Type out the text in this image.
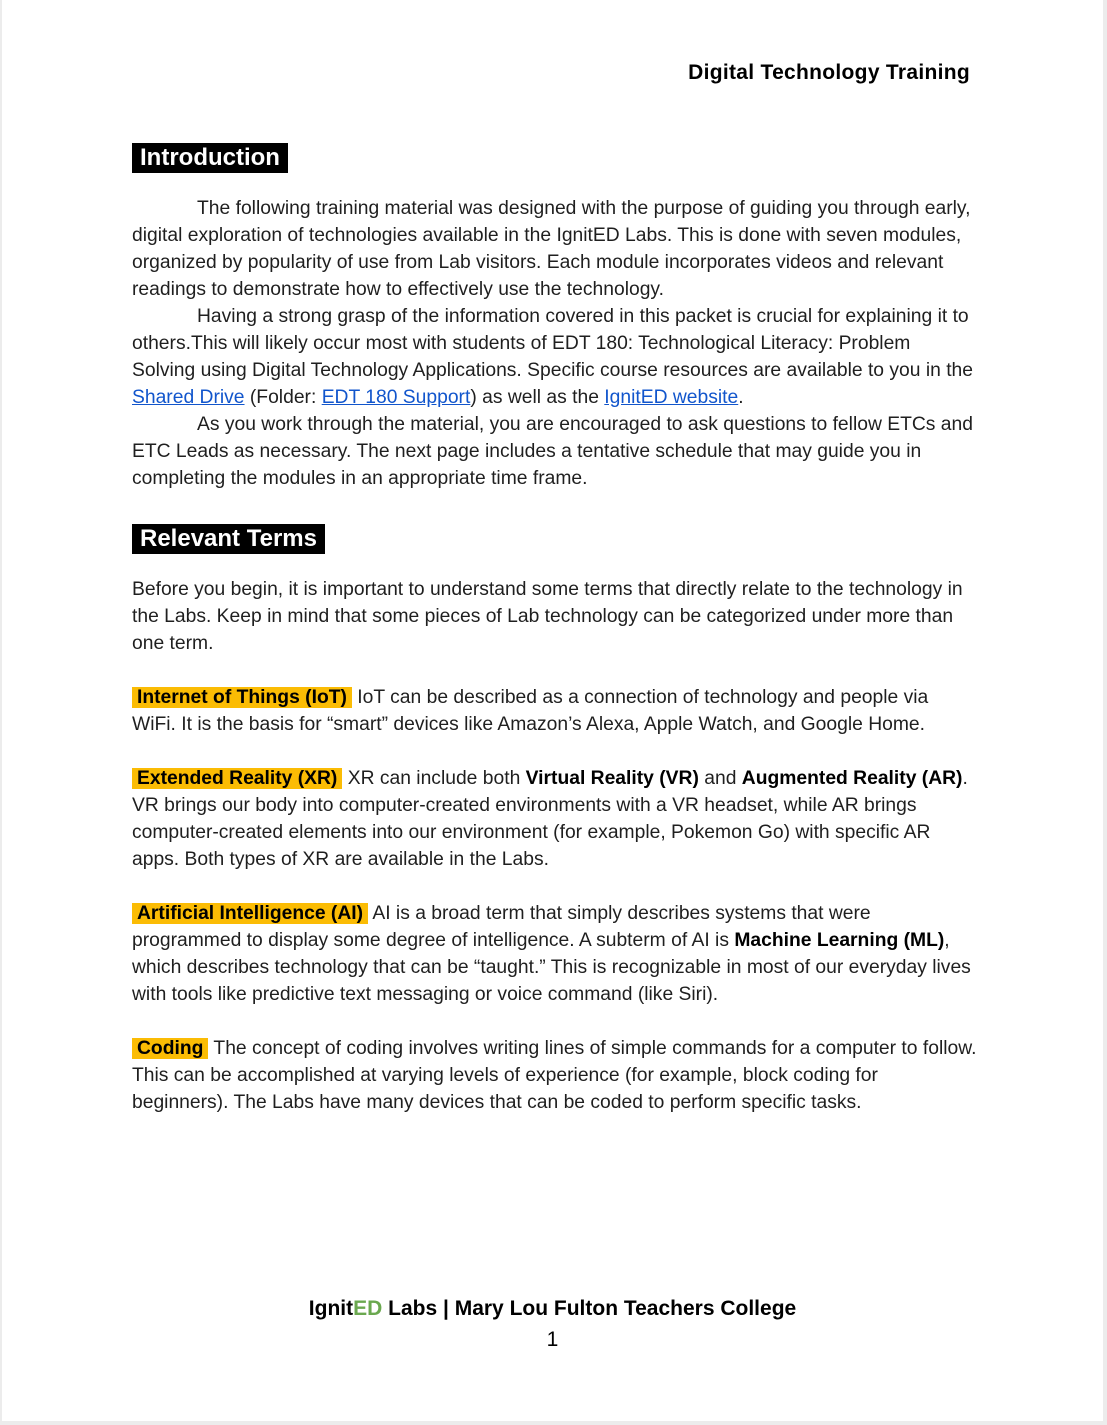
Digital Technology Training
Introduction

The following training material was designed with the purpose of guiding you through early, digital exploration of technologies available in the IgnitED Labs. This is done with seven modules, organized by popularity of use from Lab visitors. Each module incorporates videos and relevant readings to demonstrate how to effectively use the technology.

Having a strong grasp of the information covered in this packet is crucial for explaining it to others.This will likely occur most with students of EDT 180: Technological Literacy: Problem Solving using Digital Technology Applications. Specific course resources are available to you in the Shared Drive (Folder: EDT 180 Support) as well as the IgnitED website.

As you work through the material, you are encouraged to ask questions to fellow ETCs and ETC Leads as necessary. The next page includes a tentative schedule that may guide you in completing the modules in an appropriate time frame.

Relevant Terms

Before you begin, it is important to understand some terms that directly relate to the technology in the Labs. Keep in mind that some pieces of Lab technology can be categorized under more than one term.

Internet of Things (IoT) IoT can be described as a connection of technology and people via WiFi. It is the basis for “smart” devices like Amazon’s Alexa, Apple Watch, and Google Home.

Extended Reality (XR) XR can include both Virtual Reality (VR) and Augmented Reality (AR). VR brings our body into computer-created environments with a VR headset, while AR brings computer-created elements into our environment (for example, Pokemon Go) with specific AR apps. Both types of XR are available in the Labs.

Artificial Intelligence (AI) AI is a broad term that simply describes systems that were programmed to display some degree of intelligence. A subterm of AI is Machine Learning (ML), which describes technology that can be “taught.” This is recognizable in most of our everyday lives with tools like predictive text messaging or voice command (like Siri).

Coding The concept of coding involves writing lines of simple commands for a computer to follow. This can be accomplished at varying levels of experience (for example, block coding for beginners). The Labs have many devices that can be coded to perform specific tasks.

IgnitED Labs | Mary Lou Fulton Teachers College
1
